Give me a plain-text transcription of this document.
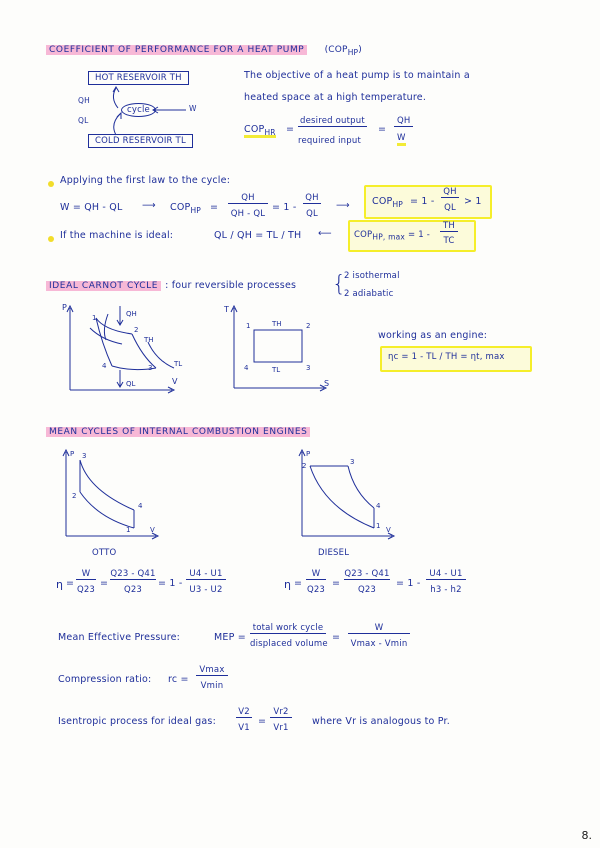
COEFFICIENT OF PERFORMANCE FOR A HEAT PUMP $(COP_{HP})$
HOT RESERVOIR TH
COLD RESERVOIR TL
cycle
QH
QL
W
The objective of a heat pump is to maintain a
heated space at a high temperature.
$COP_{HR}$ =
desired output
required input
=
QH
W
Applying the first law to the cycle:
W = QH - QL ⟶ $COP_{HP}$ =
QH
QH - QL
= 1 -
QH
QL
⟶ $COP_{HP} = 1$ -
QH
QL
> 1
If the machine is ideal:	QL / QH = TL / TH ⟵	$COP_{HP, max} = 1$ -
TH
TC
IDEAL CARNOT CYCLE : four reversible processes {
2 isothermal
2 adiabatic
P
V
QH
QL
TH
TL
1
2
3
4
T
S
TH
TL
1	2
3
4
working as an engine:
ηc = 1 - TL / TH = ηt, max
MEAN CYCLES OF INTERNAL COMBUSTION ENGINES
P
V
3
2
4
1
OTTO
P
V
2	3
4
1
DIESEL
η =
W
Q23
=
Q23 - Q41
Q23
= 1 -
U4 - U1
U3 - U2	η =
W
Q23
=
Q23 - Q41
Q23
= 1 -
U4 - U1
h3 - h2
Mean Effective Pressure:	MEP =
total work cycle
displaced volume
=
W
Vmax - Vmin
Compression ratio: rc =
Vmax
Vmin
Isentropic process for ideal gas:
V2
V1
=
Vr2
Vr1
where Vr is analogous to Pr.
8.
